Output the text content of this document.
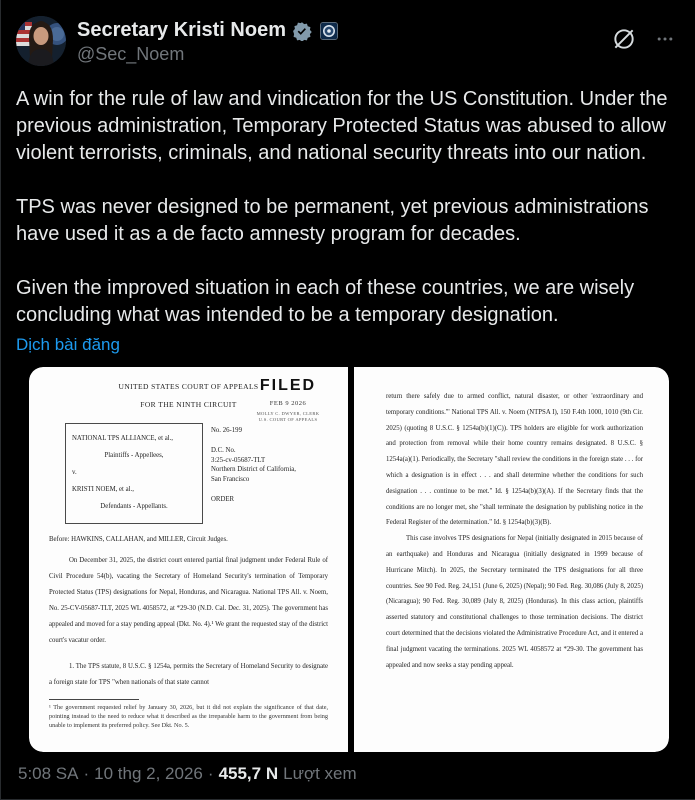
Secretary Kristi Noem
@Sec_Noem

A win for the rule of law and vindication for the US Constitution. Under the previous administration, Temporary Protected Status was abused to allow violent terrorists, criminals, and national security threats into our nation.

TPS was never designed to be permanent, yet previous administrations have used it as a de facto amnesty program for decades.

Given the improved situation in each of these countries, we are wisely concluding what was intended to be a temporary designation.

Dịch bài đăng
UNITED STATES COURT OF APPEALS
FOR THE NINTH CIRCUIT
FILED
FEB 9 2026
MOLLY C. DWYER, CLERK
U.S. COURT OF APPEALS
NATIONAL TPS ALLIANCE, et al.,
Plaintiffs - Appellees,
v.
KRISTI NOEM, et al.,
Defendants - Appellants.
No. 26-199
D.C. No.
3:25-cv-05687-TLT
Northern District of California,
San Francisco
ORDER
Before: HAWKINS, CALLAHAN, and MILLER, Circuit Judges.
On December 31, 2025, the district court entered partial final judgment under Federal Rule of Civil Procedure 54(b), vacating the Secretary of Homeland Security's termination of Temporary Protected Status (TPS) designations for Nepal, Honduras, and Nicaragua. National TPS All. v. Noem, No. 25-CV-05687-TLT, 2025 WL 4058572, at *29-30 (N.D. Cal. Dec. 31, 2025). The government has appealed and moved for a stay pending appeal (Dkt. No. 4).¹ We grant the requested stay of the district court's vacatur order.
1. The TPS statute, 8 U.S.C. § 1254a, permits the Secretary of Homeland Security to designate a foreign state for TPS "when nationals of that state cannot
¹ The government requested relief by January 30, 2026, but it did not explain the significance of that date, pointing instead to the need to reduce what it described as the irreparable harm to the government from being unable to implement its preferred policy. See Dkt. No. 5.
return there safely due to armed conflict, natural disaster, or other 'extraordinary and temporary conditions.'" National TPS All. v. Noem (NTPSA I), 150 F.4th 1000, 1010 (9th Cir. 2025) (quoting 8 U.S.C. § 1254a(b)(1)(C)). TPS holders are eligible for work authorization and protection from removal while their home country remains designated. 8 U.S.C. § 1254a(a)(1). Periodically, the Secretary "shall review the conditions in the foreign state . . . for which a designation is in effect . . . and shall determine whether the conditions for such designation . . . continue to be met." Id. § 1254a(b)(3)(A). If the Secretary finds that the conditions are no longer met, she "shall terminate the designation by publishing notice in the Federal Register of the determination." Id. § 1254a(b)(3)(B).
This case involves TPS designations for Nepal (initially designated in 2015 because of an earthquake) and Honduras and Nicaragua (initially designated in 1999 because of Hurricane Mitch). In 2025, the Secretary terminated the TPS designations for all three countries. See 90 Fed. Reg. 24,151 (June 6, 2025) (Nepal); 90 Fed. Reg. 30,086 (July 8, 2025) (Nicaragua); 90 Fed. Reg. 30,089 (July 8, 2025) (Honduras). In this class action, plaintiffs asserted statutory and constitutional challenges to those termination decisions. The district court determined that the decisions violated the Administrative Procedure Act, and it entered a final judgment vacating the terminations. 2025 WL 4058572 at *29-30. The government has appealed and now seeks a stay pending appeal.
5:08 SA · 10 thg 2, 2026 · 455,7 N Lượt xem
